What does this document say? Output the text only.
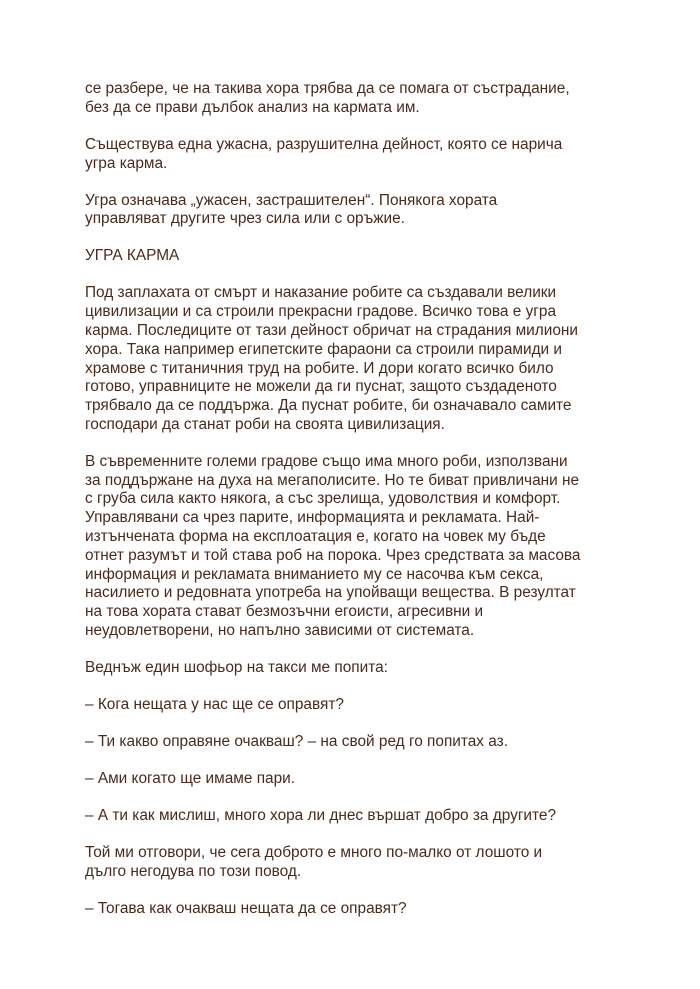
се разбере, че на такива хора трябва да се помага от състрадание,
без да се прави дълбок анализ на кармата им.

Съществува една ужасна, разрушителна дейност, която се нарича
угра карма.

Угра означава „ужасен, застрашителен“. Понякога хората
управляват другите чрез сила или с оръжие.

УГРА КАРМА

Под заплахата от смърт и наказание робите са създавали велики
цивилизации и са строили прекрасни градове. Всичко това е угра
карма. Последиците от тази дейност обричат на страдания милиони
хора. Така например египетските фараони са строили пирамиди и
храмове с титаничния труд на робите. И дори когато всичко било
готово, управниците не можели да ги пуснат, защото създаденото
трябвало да се поддържа. Да пуснат робите, би означавало самите
господари да станат роби на своята цивилизация.

В съвременните големи градове също има много роби, използвани
за поддържане на духа на мегаполисите. Но те биват привличани не
с груба сила както някога, а със зрелища, удоволствия и комфорт.
Управлявани са чрез парите, информацията и рекламата. Най-
изтънчената форма на експлоатация е, когато на човек му бъде
отнет разумът и той става роб на порока. Чрез средствата за масова
информация и рекламата вниманието му се насочва към секса,
насилието и редовната употреба на упойващи вещества. В резултат
на това хората стават безмозъчни егоисти, агресивни и
неудовлетворени, но напълно зависими от системата.

Веднъж един шофьор на такси ме попита:

– Кога нещата у нас ще се оправят?

– Ти какво оправяне очакваш? – на свой ред го попитах аз.

– Ами когато ще имаме пари.

– А ти как мислиш, много хора ли днес вършат добро за другите?

Той ми отговори, че сега доброто е много по-малко от лошото и
дълго негодува по този повод.

– Тогава как очакваш нещата да се оправят?
